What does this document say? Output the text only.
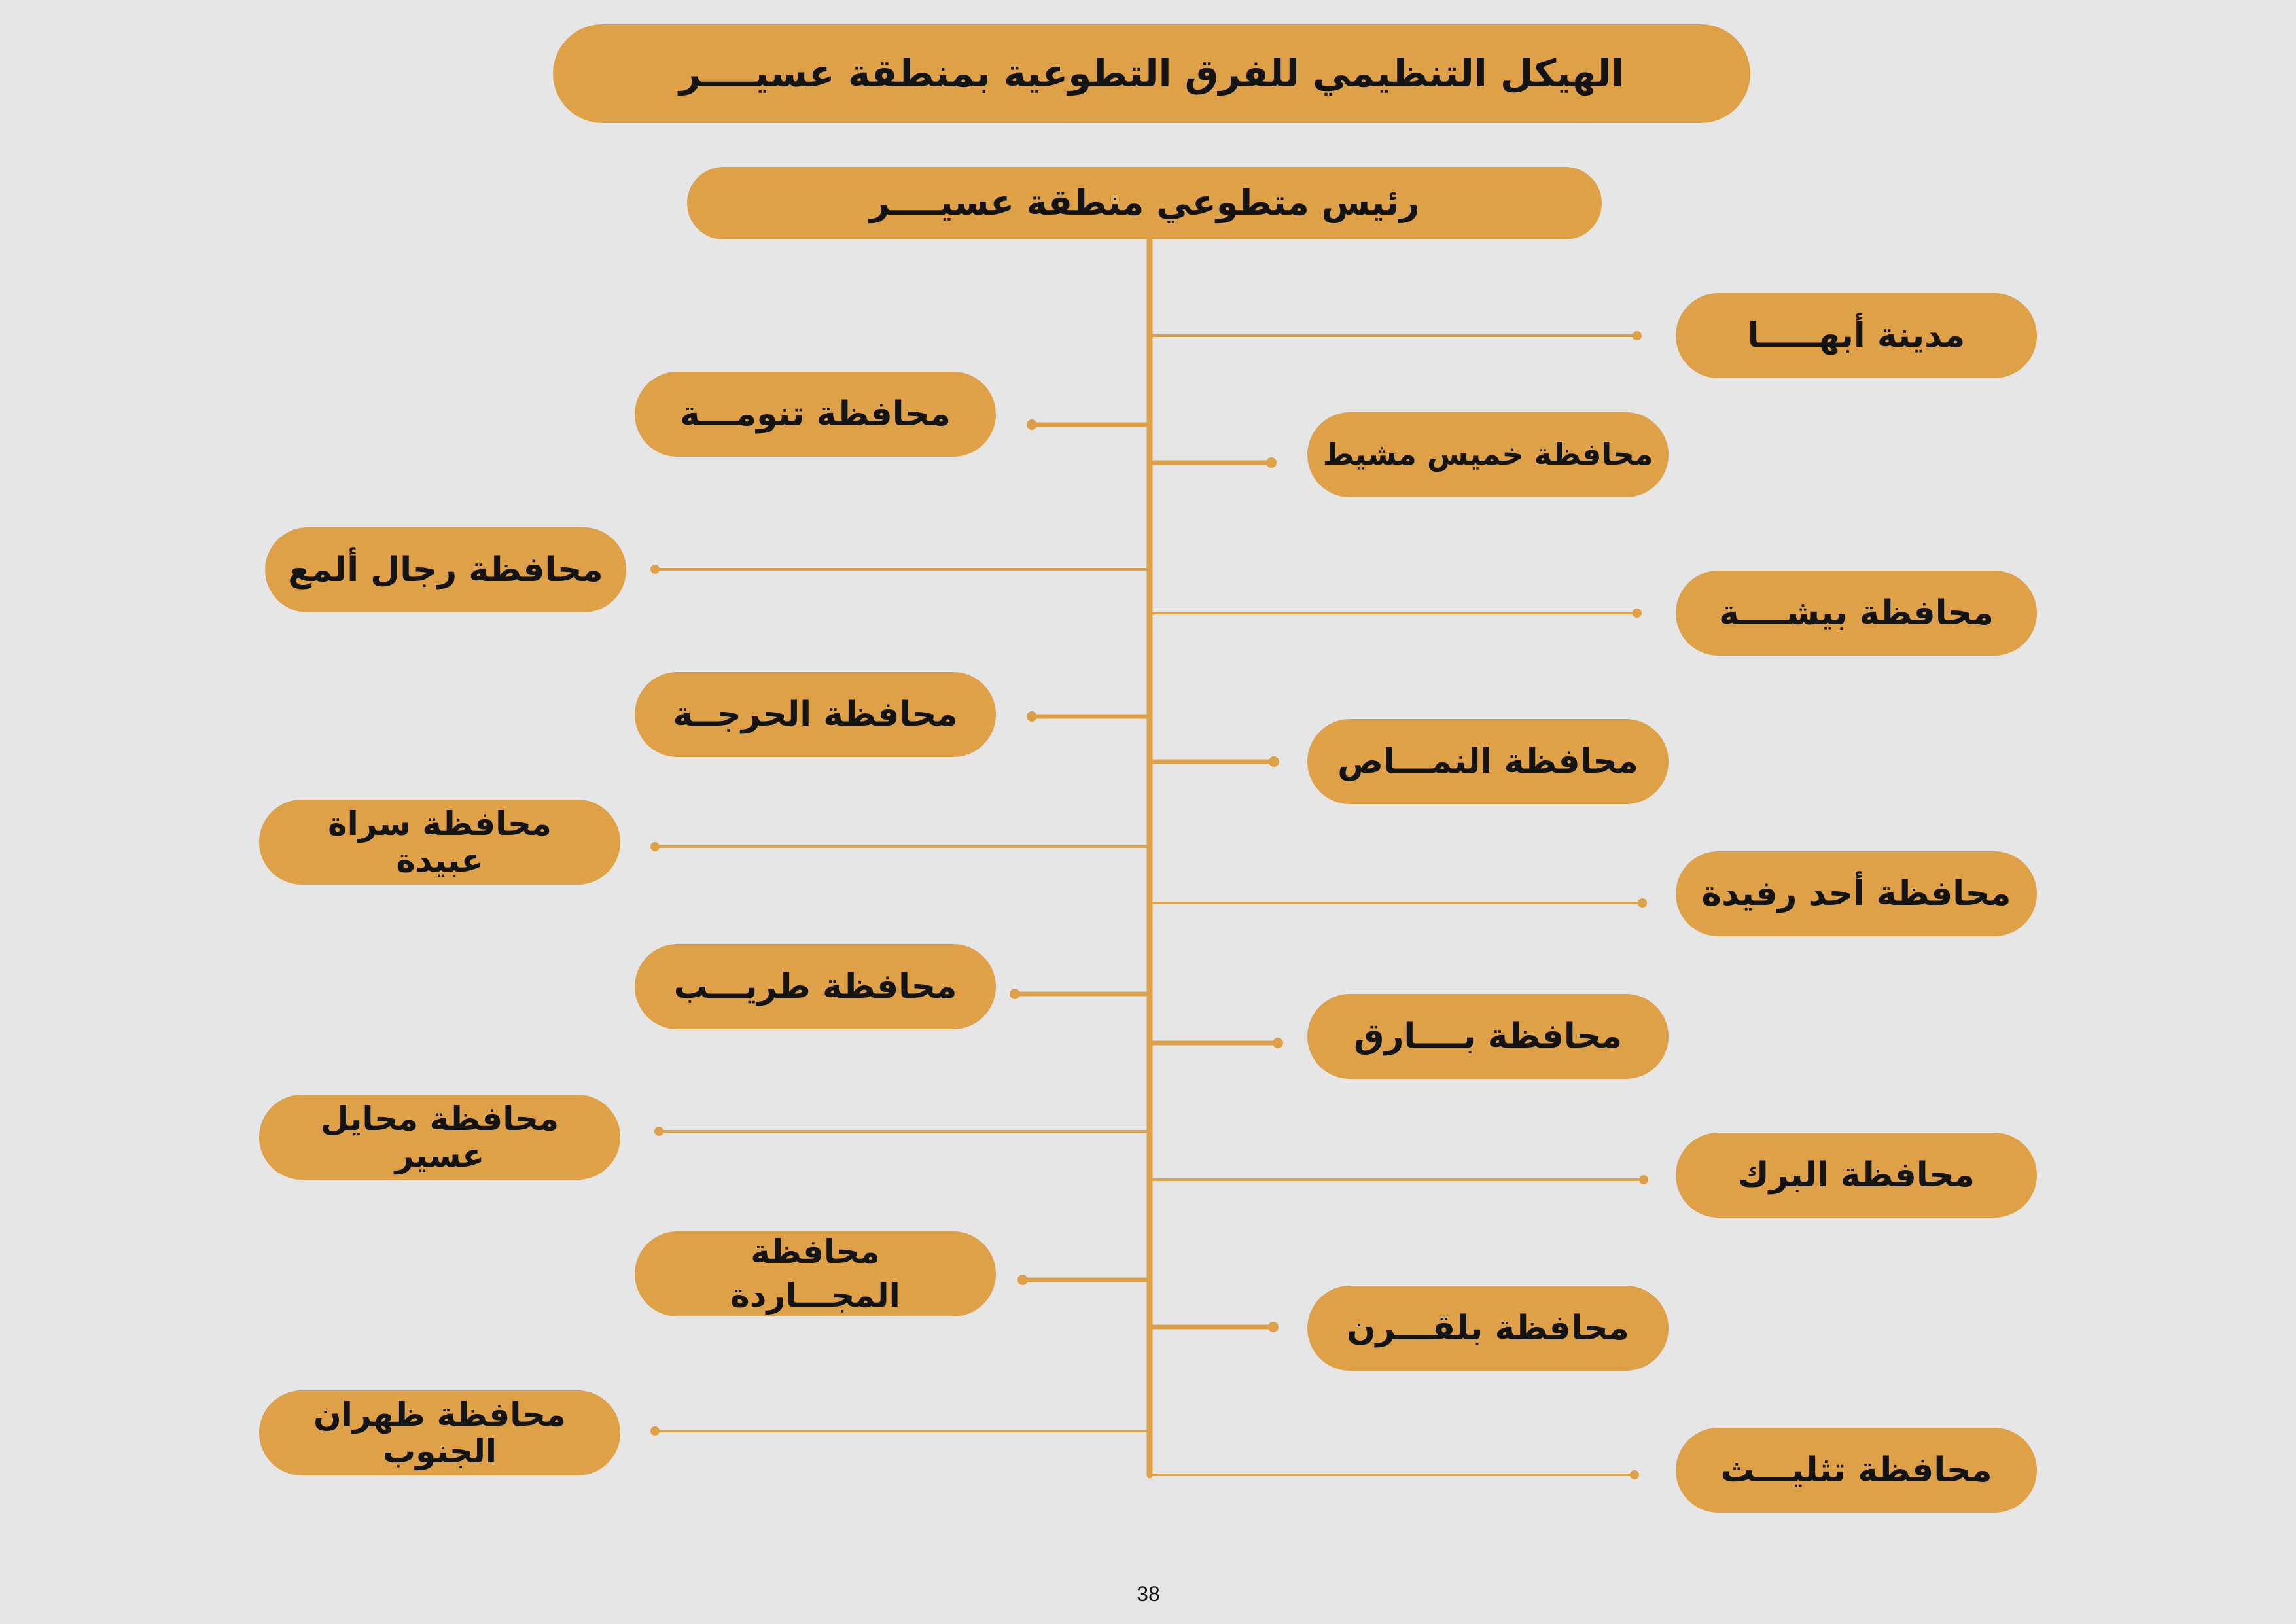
الهيكل التنظيمي للفرق التطوعية بمنطقة عسيــــر
رئيس متطوعي منطقة عسيــــر
مدينة أبهـــــا
محافظة خميس مشيط
محافظة بيشــــة
محافظة النمـــاص
محافظة أحد رفيدة
محافظة بــــارق
محافظة البرك
محافظة بلقـــرن
محافظة تثليـــث
محافظة تنومـــة
محافظة رجال ألمع
محافظة الحرجــة
محافظة سراة
عبيدة
محافظة طريـــب
محافظة محايل
عسير
محافظة
المجـــاردة
محافظة ظهران
الجنوب
38
